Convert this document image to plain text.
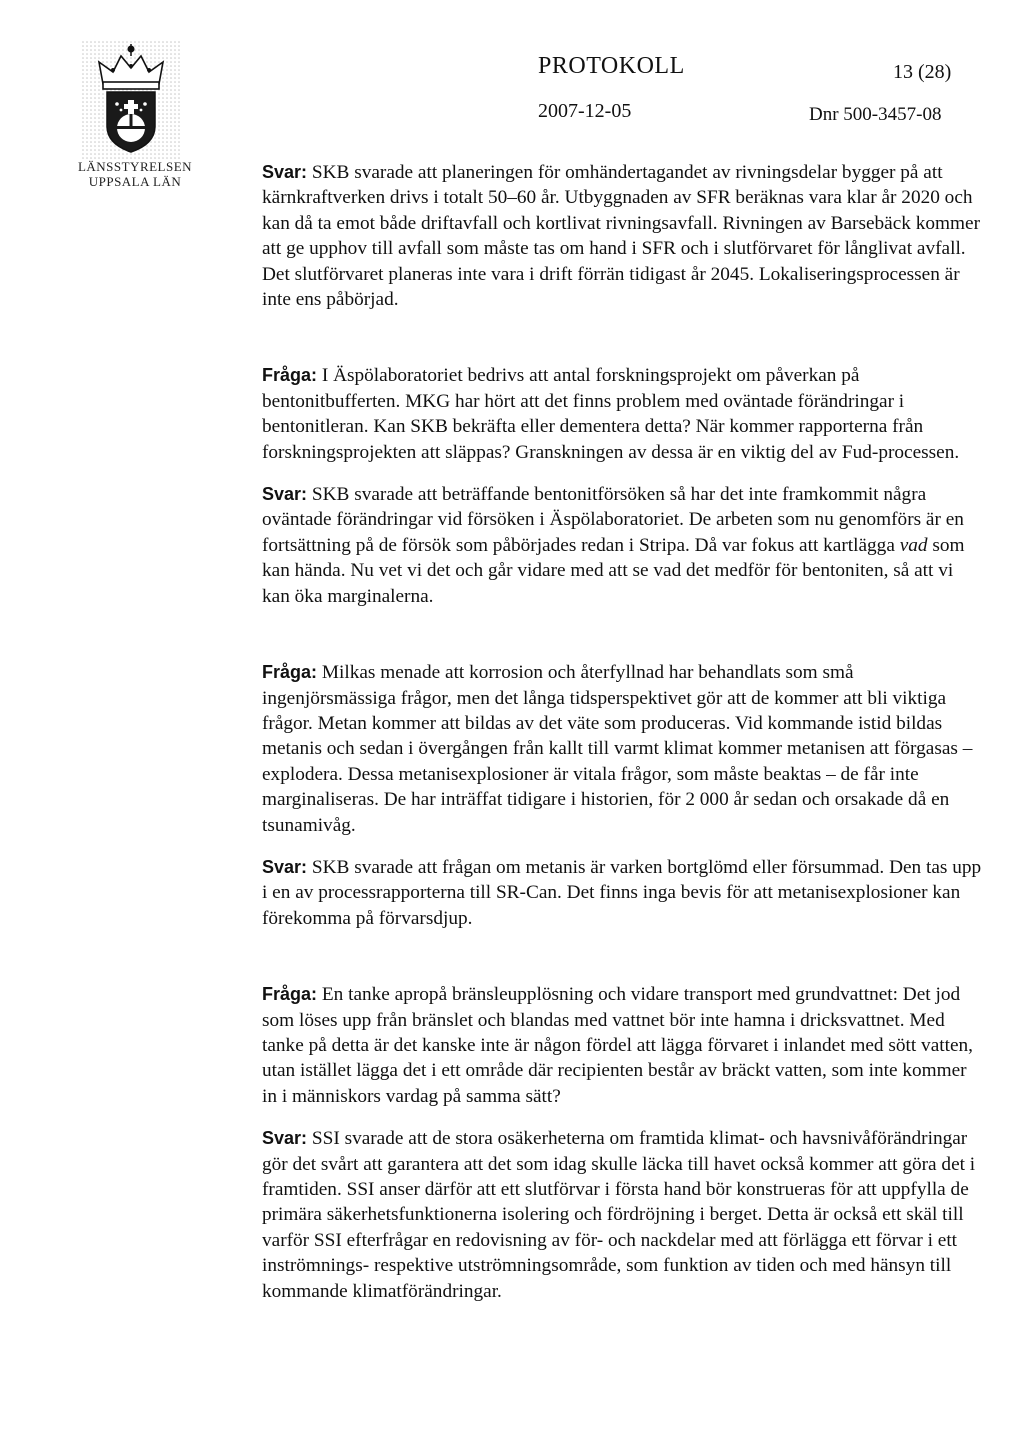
LÄNSSTYRELSEN
UPPSALA LÄN
PROTOKOLL	13 (28)
2007-12-05	Dnr 500-3457-08

Svar: SKB svarade att planeringen för omhändertagandet av rivningsdelar bygger på att kärnkraftverken drivs i totalt 50–60 år. Utbyggnaden av SFR beräknas vara klar år 2020 och kan då ta emot både driftavfall och kortlivat rivningsavfall. Rivningen av Barsebäck kommer att ge upphov till avfall som måste tas om hand i SFR och i slutförvaret för långlivat avfall. Det slutförvaret planeras inte vara i drift förrän tidigast år 2045. Lokaliseringsprocessen är inte ens påbörjad.

Fråga: I Äspölaboratoriet bedrivs att antal forskningsprojekt om påverkan på bentonitbufferten. MKG har hört att det finns problem med oväntade förändringar i bentonitleran. Kan SKB bekräfta eller dementera detta? När kommer rapporterna från forskningsprojekten att släppas? Granskningen av dessa är en viktig del av Fud-processen.

Svar: SKB svarade att beträffande bentonitförsöken så har det inte framkommit några oväntade förändringar vid försöken i Äspölaboratoriet. De arbeten som nu genomförs är en fortsättning på de försök som påbörjades redan i Stripa. Då var fokus att kartlägga vad som kan hända. Nu vet vi det och går vidare med att se vad det medför för bentoniten, så att vi kan öka marginalerna.

Fråga: Milkas menade att korrosion och återfyllnad har behandlats som små ingenjörsmässiga frågor, men det långa tidsperspektivet gör att de kommer att bli viktiga frågor. Metan kommer att bildas av det väte som produceras. Vid kommande istid bildas metanis och sedan i övergången från kallt till varmt klimat kommer metanisen att förgasas – explodera. Dessa metanisexplosioner är vitala frågor, som måste beaktas – de får inte marginaliseras. De har inträffat tidigare i historien, för 2 000 år sedan och orsakade då en tsunamivåg.

Svar: SKB svarade att frågan om metanis är varken bortglömd eller försummad. Den tas upp i en av processrapporterna till SR-Can. Det finns inga bevis för att metanisexplosioner kan förekomma på förvarsdjup.

Fråga: En tanke apropå bränsleupplösning och vidare transport med grundvattnet: Det jod som löses upp från bränslet och blandas med vattnet bör inte hamna i dricksvattnet. Med tanke på detta är det kanske inte är någon fördel att lägga förvaret i inlandet med sött vatten, utan istället lägga det i ett område där recipienten består av bräckt vatten, som inte kommer in i människors vardag på samma sätt?

Svar: SSI svarade att de stora osäkerheterna om framtida klimat- och havsnivåförändringar gör det svårt att garantera att det som idag skulle läcka till havet också kommer att göra det i framtiden. SSI anser därför att ett slutförvar i första hand bör konstrueras för att uppfylla de primära säkerhetsfunktionerna isolering och fördröjning i berget. Detta är också ett skäl till varför SSI efterfrågar en redovisning av för- och nackdelar med att förlägga ett förvar i ett inströmnings- respektive utströmningsområde, som funktion av tiden och med hänsyn till kommande klimatförändringar.
